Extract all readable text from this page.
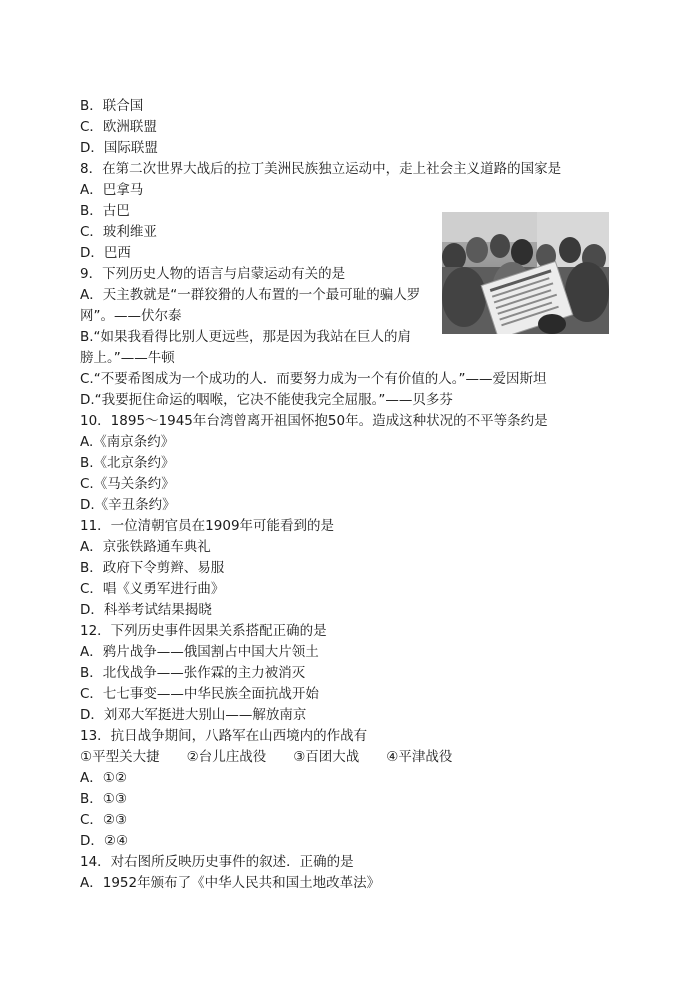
B．联合国
C．欧洲联盟
D．国际联盟
8．在第二次世界大战后的拉丁美洲民族独立运动中，走上社会主义道路的国家是
A．巴拿马
B．古巴
C．玻利维亚
D．巴西
9．下列历史人物的语言与启蒙运动有关的是
A．天主教就是“一群狡猾的人布置的一个最可耻的骗人罗
网”。——伏尔泰
B.“如果我看得比别人更远些，那是因为我站在巨人的肩
膀上。”——牛顿
C.“不要希图成为一个成功的人．而要努力成为一个有价值的人。”——爱因斯坦
D.“我要扼住命运的咽喉，它决不能使我完全屈服。”——贝多芬
10．1895～1945年台湾曾离开祖国怀抱50年。造成这种状况的不平等条约是
A.《南京条约》
B.《北京条约》
C.《马关条约》
D.《辛丑条约》
11．一位清朝官员在1909年可能看到的是
A．京张铁路通车典礼
B．政府下令剪辫、易服
C．唱《义勇军进行曲》
D．科举考试结果揭晓
12．下列历史事件因果关系搭配正确的是
A．鸦片战争——俄国割占中国大片领土
B．北伐战争——张作霖的主力被消灭
C．七七事变——中华民族全面抗战开始
D．刘邓大军挺进大别山——解放南京
13．抗日战争期间，八路军在山西境内的作战有
①平型关大捷　　②台儿庄战役　　③百团大战　　④平津战役
A．①②
B．①③
C．②③
D．②④
14．对右图所反映历史事件的叙述．正确的是
A．1952年颁布了《中华人民共和国土地改革法》
